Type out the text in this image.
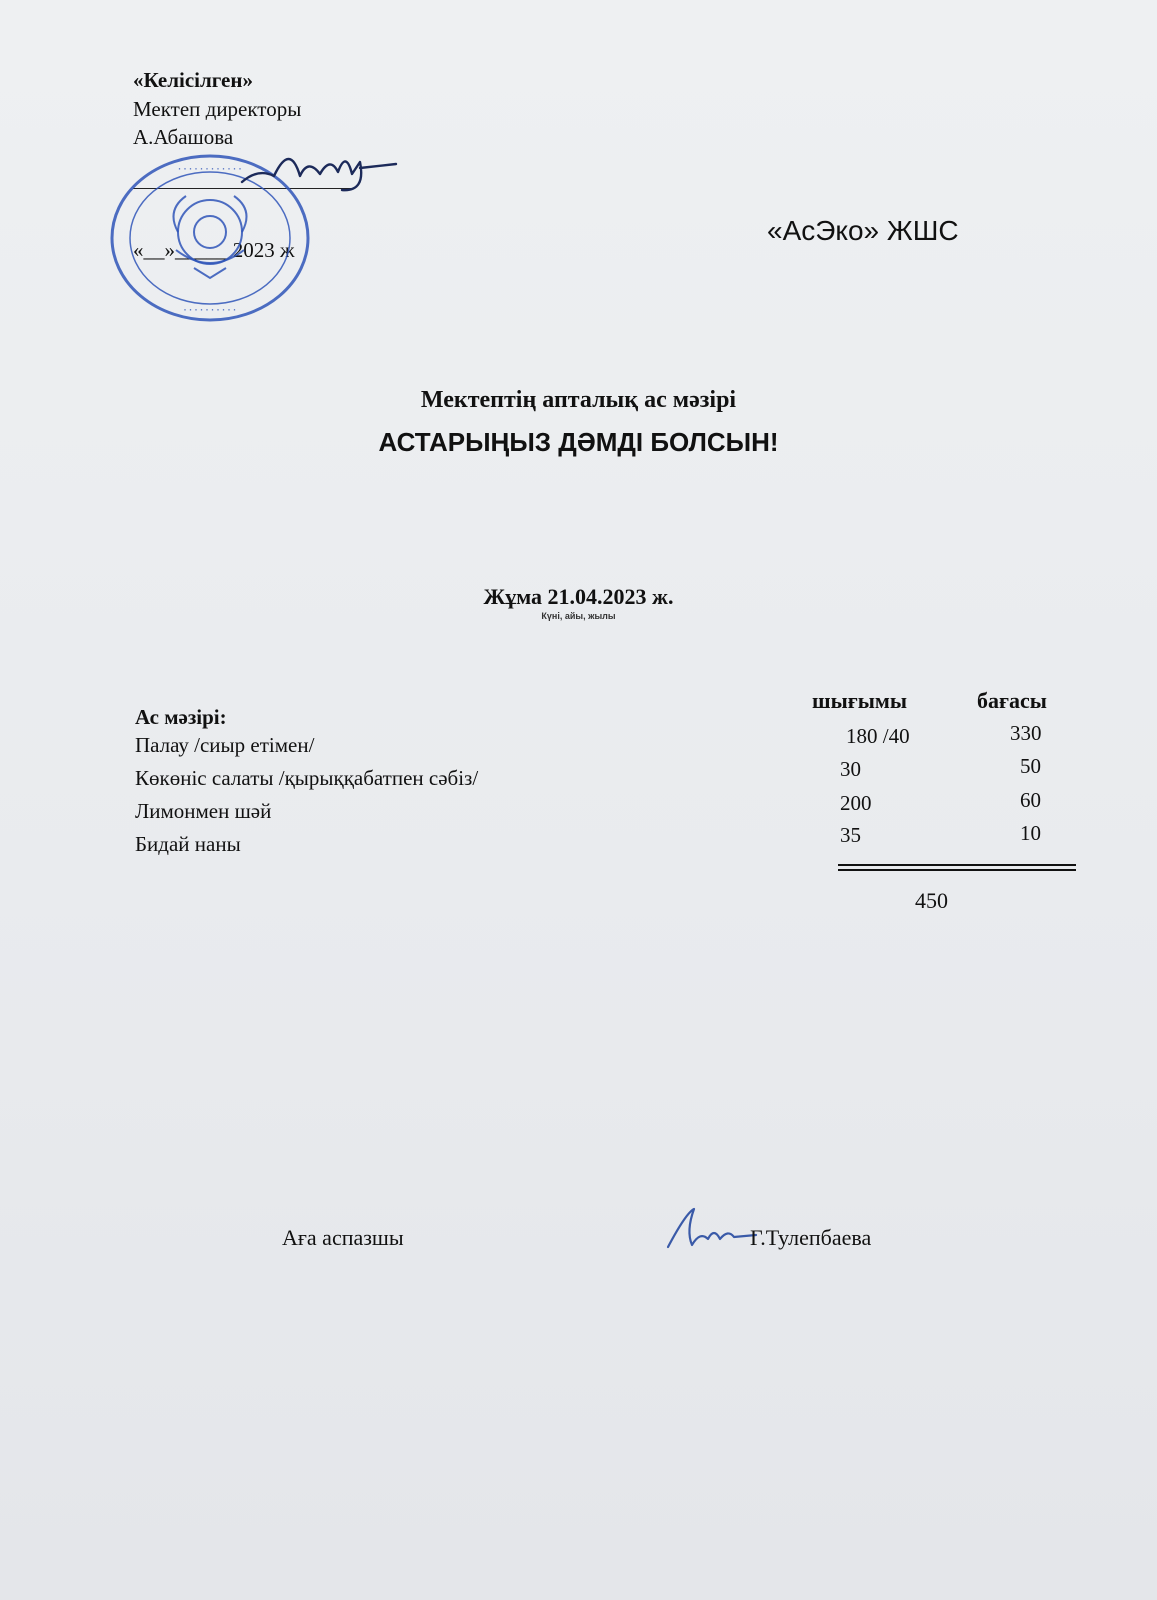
«Келісілген»
Мектеп директоры
А.Абашова
«__»_____ 2023 ж
· · · · · · · · · · · ·
· · · · · · · · · ·
«АсЭко» ЖШС
Мектептің апталық ас мәзірі
АСТАРЫҢЫЗ ДӘМДІ БОЛСЫН!
Жұма 21.04.2023 ж.
Күні, айы, жылы
Ас мәзірі:
шығымы	бағасы
Палау /сиыр етімен/
Көкөніс салаты /қырыққабатпен сәбіз/
Лимонмен шәй
Бидай наны
180 /40
30
200
35
330
50
60
10
450
Аға аспазшы	Г.Тулепбаева
